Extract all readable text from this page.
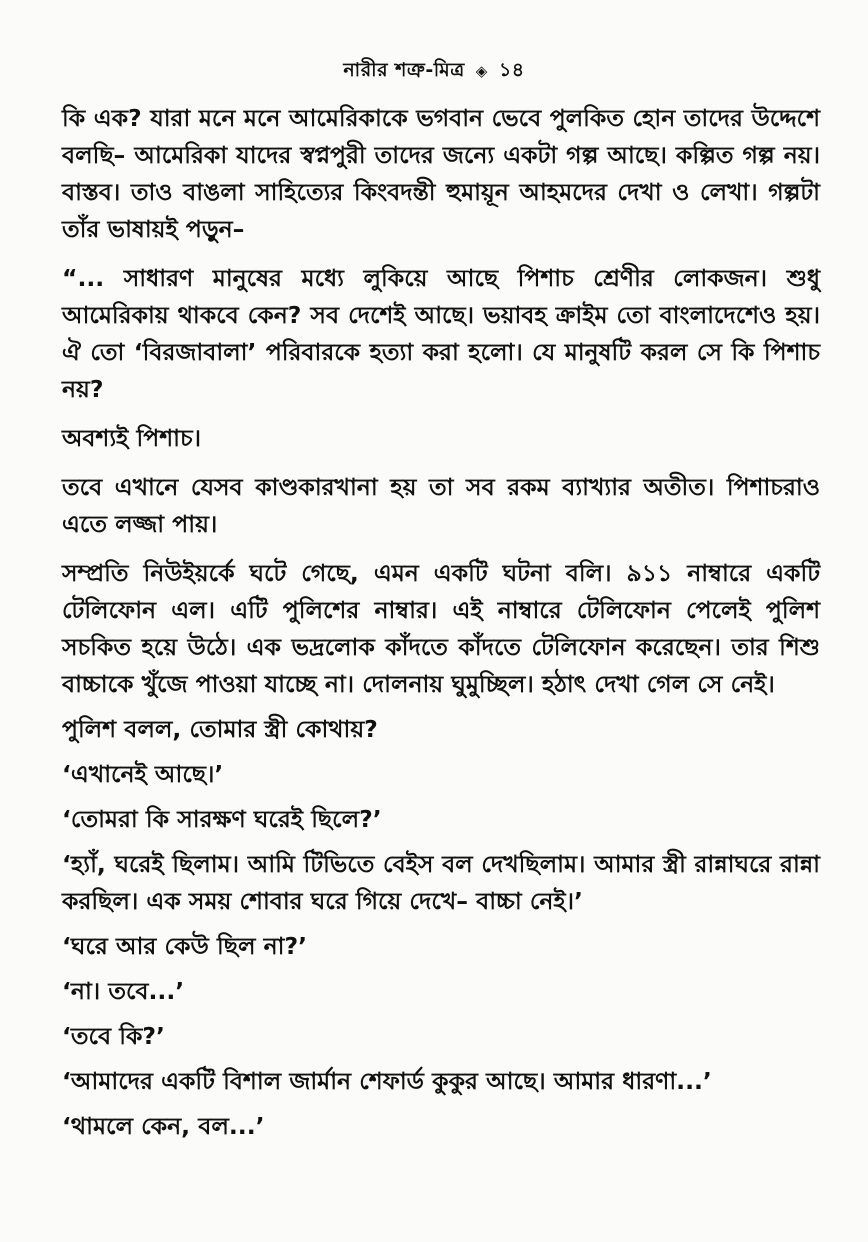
নারীর শত্রু-মিত্র ◈ ১৪

কি এক? যারা মনে মনে আমেরিকাকে ভগবান ভেবে পুলকিত হোন তাদের উদ্দেশে বলছি– আমেরিকা যাদের স্বপ্নপুরী তাদের জন্যে একটা গল্প আছে। কল্পিত গল্প নয়। বাস্তব। তাও বাঙলা সাহিত্যের কিংবদন্তী হুমায়ূন আহমদের দেখা ও লেখা। গল্পটা তাঁর ভাষায়ই পড়ুন–

“... সাধারণ মানুষের মধ্যে লুকিয়ে আছে পিশাচ শ্রেণীর লোকজন। শুধু আমেরিকায় থাকবে কেন? সব দেশেই আছে। ভয়াবহ ক্রাইম তো বাংলাদেশেও হয়। ঐ তো ‘বিরজাবালা’ পরিবারকে হত্যা করা হলো। যে মানুষটি করল সে কি পিশাচ নয়?

অবশ্যই পিশাচ।

তবে এখানে যেসব কাণ্ডকারখানা হয় তা সব রকম ব্যাখ্যার অতীত। পিশাচরাও এতে লজ্জা পায়।

সম্প্রতি নিউইয়র্কে ঘটে গেছে, এমন একটি ঘটনা বলি। ৯১১ নাম্বারে একটি টেলিফোন এল। এটি পুলিশের নাম্বার। এই নাম্বারে টেলিফোন পেলেই পুলিশ সচকিত হয়ে উঠে। এক ভদ্রলোক কাঁদতে কাঁদতে টেলিফোন করেছেন। তার শিশু বাচ্চাকে খুঁজে পাওয়া যাচ্ছে না। দোলনায় ঘুমুচ্ছিল। হঠাৎ দেখা গেল সে নেই।

পুলিশ বলল, তোমার স্ত্রী কোথায়?

‘এখানেই আছে।’

‘তোমরা কি সারক্ষণ ঘরেই ছিলে?’

‘হ্যাঁ, ঘরেই ছিলাম। আমি টিভিতে বেইস বল দেখছিলাম। আমার স্ত্রী রান্নাঘরে রান্না করছিল। এক সময় শোবার ঘরে গিয়ে দেখে– বাচ্চা নেই।’

‘ঘরে আর কেউ ছিল না?’

‘না। তবে...’

‘তবে কি?’

‘আমাদের একটি বিশাল জার্মান শেফার্ড কুকুর আছে। আমার ধারণা...’

‘থামলে কেন, বল...’
